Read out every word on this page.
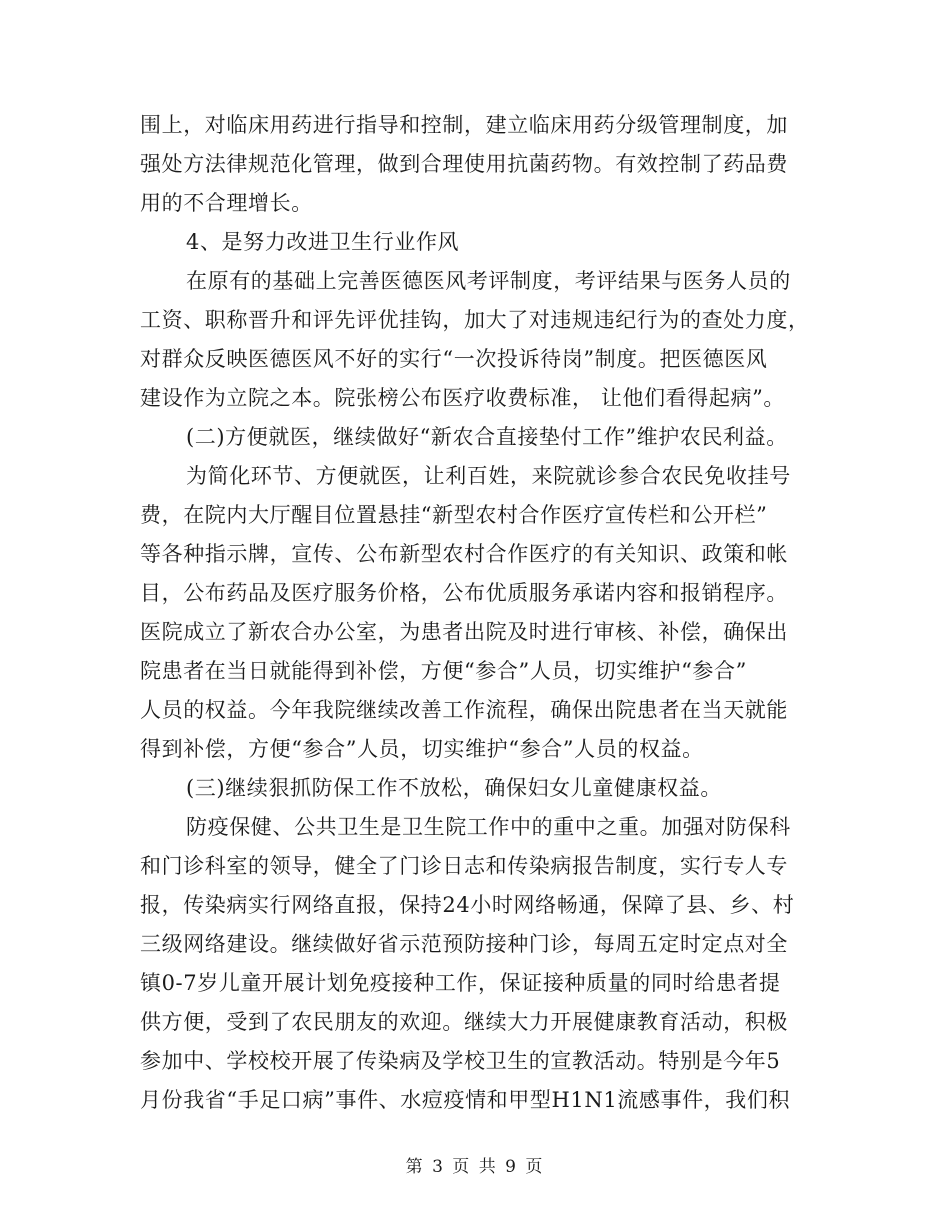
围上，对临床用药进行指导和控制，建立临床用药分级管理制度，加
强处方法律规范化管理，做到合理使用抗菌药物。有效控制了药品费
用的不合理增长。
4、是努力改进卫生行业作风
在原有的基础上完善医德医风考评制度，考评结果与医务人员的
工资、职称晋升和评先评优挂钩，加大了对违规违纪行为的查处力度，
对群众反映医德医风不好的实行“一次投诉待岗”制度。把医德医风
建设作为立院之本。院张榜公布医疗收费标准， 让他们看得起病”。
(二)方便就医，继续做好“新农合直接垫付工作”维护农民利益。
为简化环节、方便就医，让利百姓，来院就诊参合农民免收挂号
费，在院内大厅醒目位置悬挂“新型农村合作医疗宣传栏和公开栏”
等各种指示牌，宣传、公布新型农村合作医疗的有关知识、政策和帐
目，公布药品及医疗服务价格，公布优质服务承诺内容和报销程序。
医院成立了新农合办公室，为患者出院及时进行审核、补偿，确保出
院患者在当日就能得到补偿，方便“参合”人员，切实维护“参合”
人员的权益。今年我院继续改善工作流程，确保出院患者在当天就能
得到补偿，方便“参合”人员，切实维护“参合”人员的权益。
(三)继续狠抓防保工作不放松，确保妇女儿童健康权益。
防疫保健、公共卫生是卫生院工作中的重中之重。加强对防保科
和门诊科室的领导，健全了门诊日志和传染病报告制度，实行专人专
报，传染病实行网络直报，保持24小时网络畅通，保障了县、乡、村
三级网络建设。继续做好省示范预防接种门诊，每周五定时定点对全
镇0-7岁儿童开展计划免疫接种工作，保证接种质量的同时给患者提
供方便，受到了农民朋友的欢迎。继续大力开展健康教育活动，积极
参加中、学校校开展了传染病及学校卫生的宣教活动。特别是今年5
月份我省“手足口病”事件、水痘疫情和甲型H1N1流感事件，我们积
第 3 页 共 9 页
